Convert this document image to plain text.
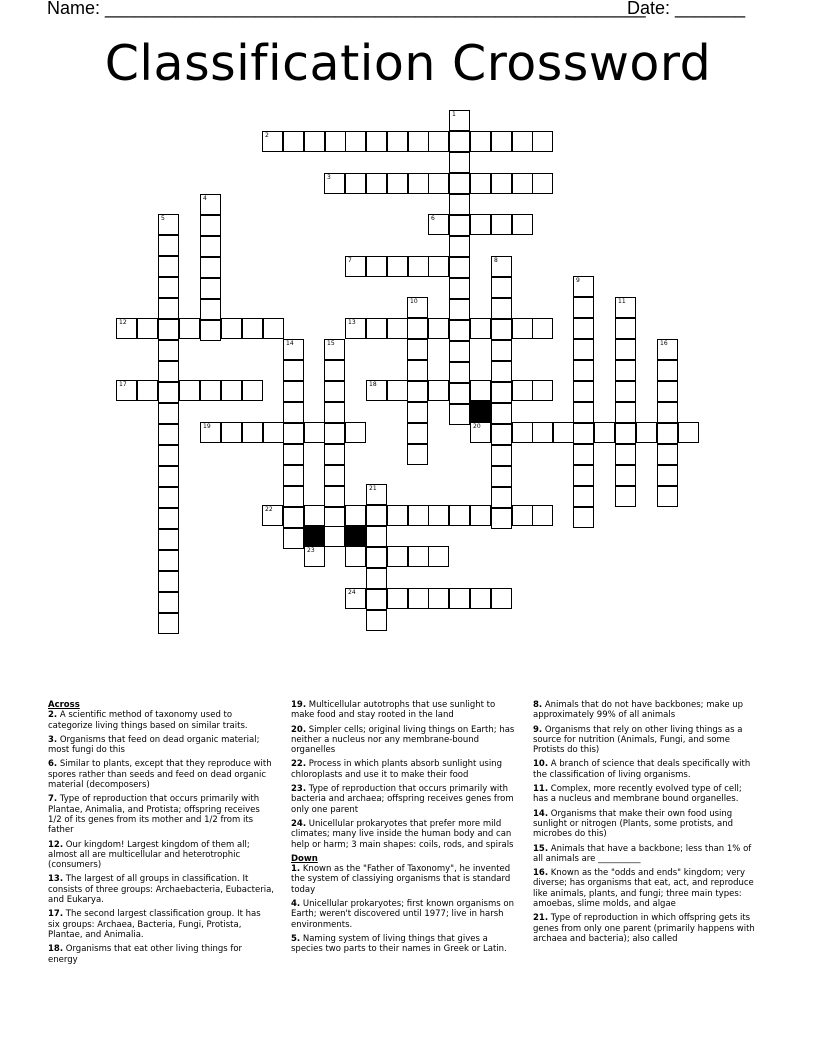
Name: ______________________________________________________
Date: _______
Classification Crossword
1
2
3
4
5	6
7	8
9
10	11
12	13
14	15	16
17	18
19	20
21
22
23
24
Across
2. A scientific method of taxonomy used to categorize living things based on similar traits.
3. Organisms that feed on dead organic material; most fungi do this
6. Similar to plants, except that they reproduce with spores rather than seeds and feed on dead organic material (decomposers)
7. Type of reproduction that occurs primarily with Plantae, Animalia, and Protista; offspring receives 1/2 of its genes from its mother and 1/2 from its father
12. Our kingdom! Largest kingdom of them all; almost all are multicellular and heterotrophic (consumers)
13. The largest of all groups in classification. It consists of three groups: Archaebacteria, Eubacteria, and Eukarya.
17. The second largest classification group. It has six groups: Archaea, Bacteria, Fungi, Protista, Plantae, and Animalia.
18. Organisms that eat other living things for energy
19. Multicellular autotrophs that use sunlight to make food and stay rooted in the land
20. Simpler cells; original living things on Earth; has neither a nucleus nor any membrane-bound organelles
22. Process in which plants absorb sunlight using chloroplasts and use it to make their food
23. Type of reproduction that occurs primarily with bacteria and archaea; offspring receives genes from only one parent
24. Unicellular prokaryotes that prefer more mild climates; many live inside the human body and can help or harm; 3 main shapes: coils, rods, and spirals
Down
1. Known as the "Father of Taxonomy", he invented the system of classiying organisms that is standard today
4. Unicellular prokaryotes; first known organisms on Earth; weren't discovered until 1977; live in harsh environments.
5. Naming system of living things that gives a species two parts to their names in Greek or Latin.
8. Animals that do not have backbones; make up approximately 99% of all animals
9. Organisms that rely on other living things as a source for nutrition (Animals, Fungi, and some Protists do this)
10. A branch of science that deals specifically with the classification of living organisms.
11. Complex, more recently evolved type of cell; has a nucleus and membrane bound organelles.
14. Organisms that make their own food using sunlight or nitrogen (Plants, some protists, and microbes do this)
15. Animals that have a backbone; less than 1% of all animals are __________
16. Known as the "odds and ends" kingdom; very diverse; has organisms that eat, act, and reproduce like animals, plants, and fungi; three main types: amoebas, slime molds, and algae
21. Type of reproduction in which offspring gets its genes from only one parent (primarily happens with archaea and bacteria); also called
